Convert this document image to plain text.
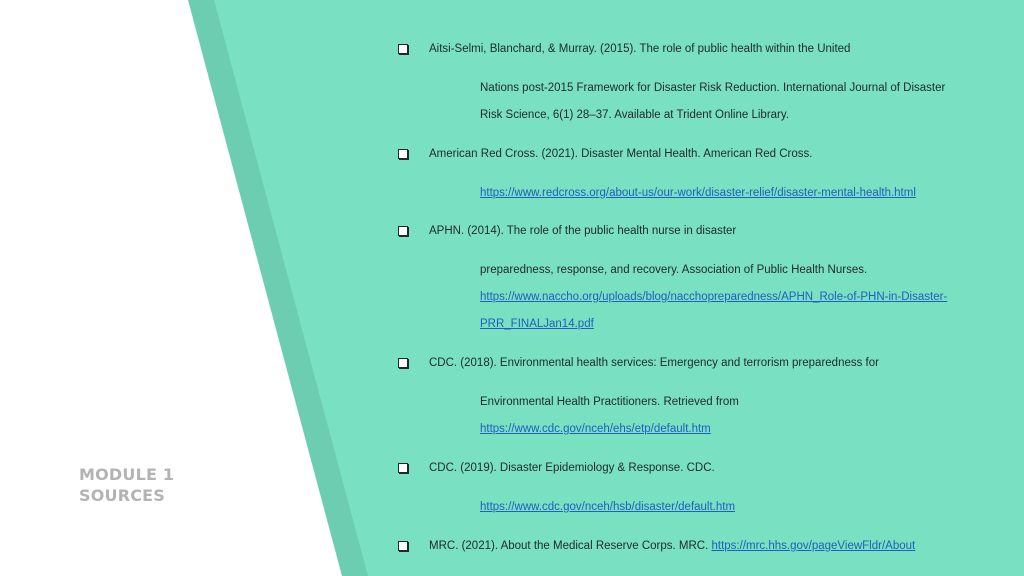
MODULE 1
SOURCES
Aitsi-Selmi, Blanchard, & Murray. (2015). The role of public health within the United
Nations post-2015 Framework for Disaster Risk Reduction. International Journal of Disaster
Risk Science, 6(1) 28–37. Available at Trident Online Library.
American Red Cross. (2021). Disaster Mental Health. American Red Cross.
https://www.redcross.org/about-us/our-work/disaster-relief/disaster-mental-health.html
APHN. (2014). The role of the public health nurse in disaster
preparedness, response, and recovery. Association of Public Health Nurses.
https://www.naccho.org/uploads/blog/nacchopreparedness/APHN_Role-of-PHN-in-Disaster-
PRR_FINALJan14.pdf
CDC. (2018). Environmental health services: Emergency and terrorism preparedness for
Environmental Health Practitioners. Retrieved from
https://www.cdc.gov/nceh/ehs/etp/default.htm
CDC. (2019). Disaster Epidemiology & Response. CDC.
https://www.cdc.gov/nceh/hsb/disaster/default.htm
MRC. (2021). About the Medical Reserve Corps. MRC. https://mrc.hhs.gov/pageViewFldr/About
